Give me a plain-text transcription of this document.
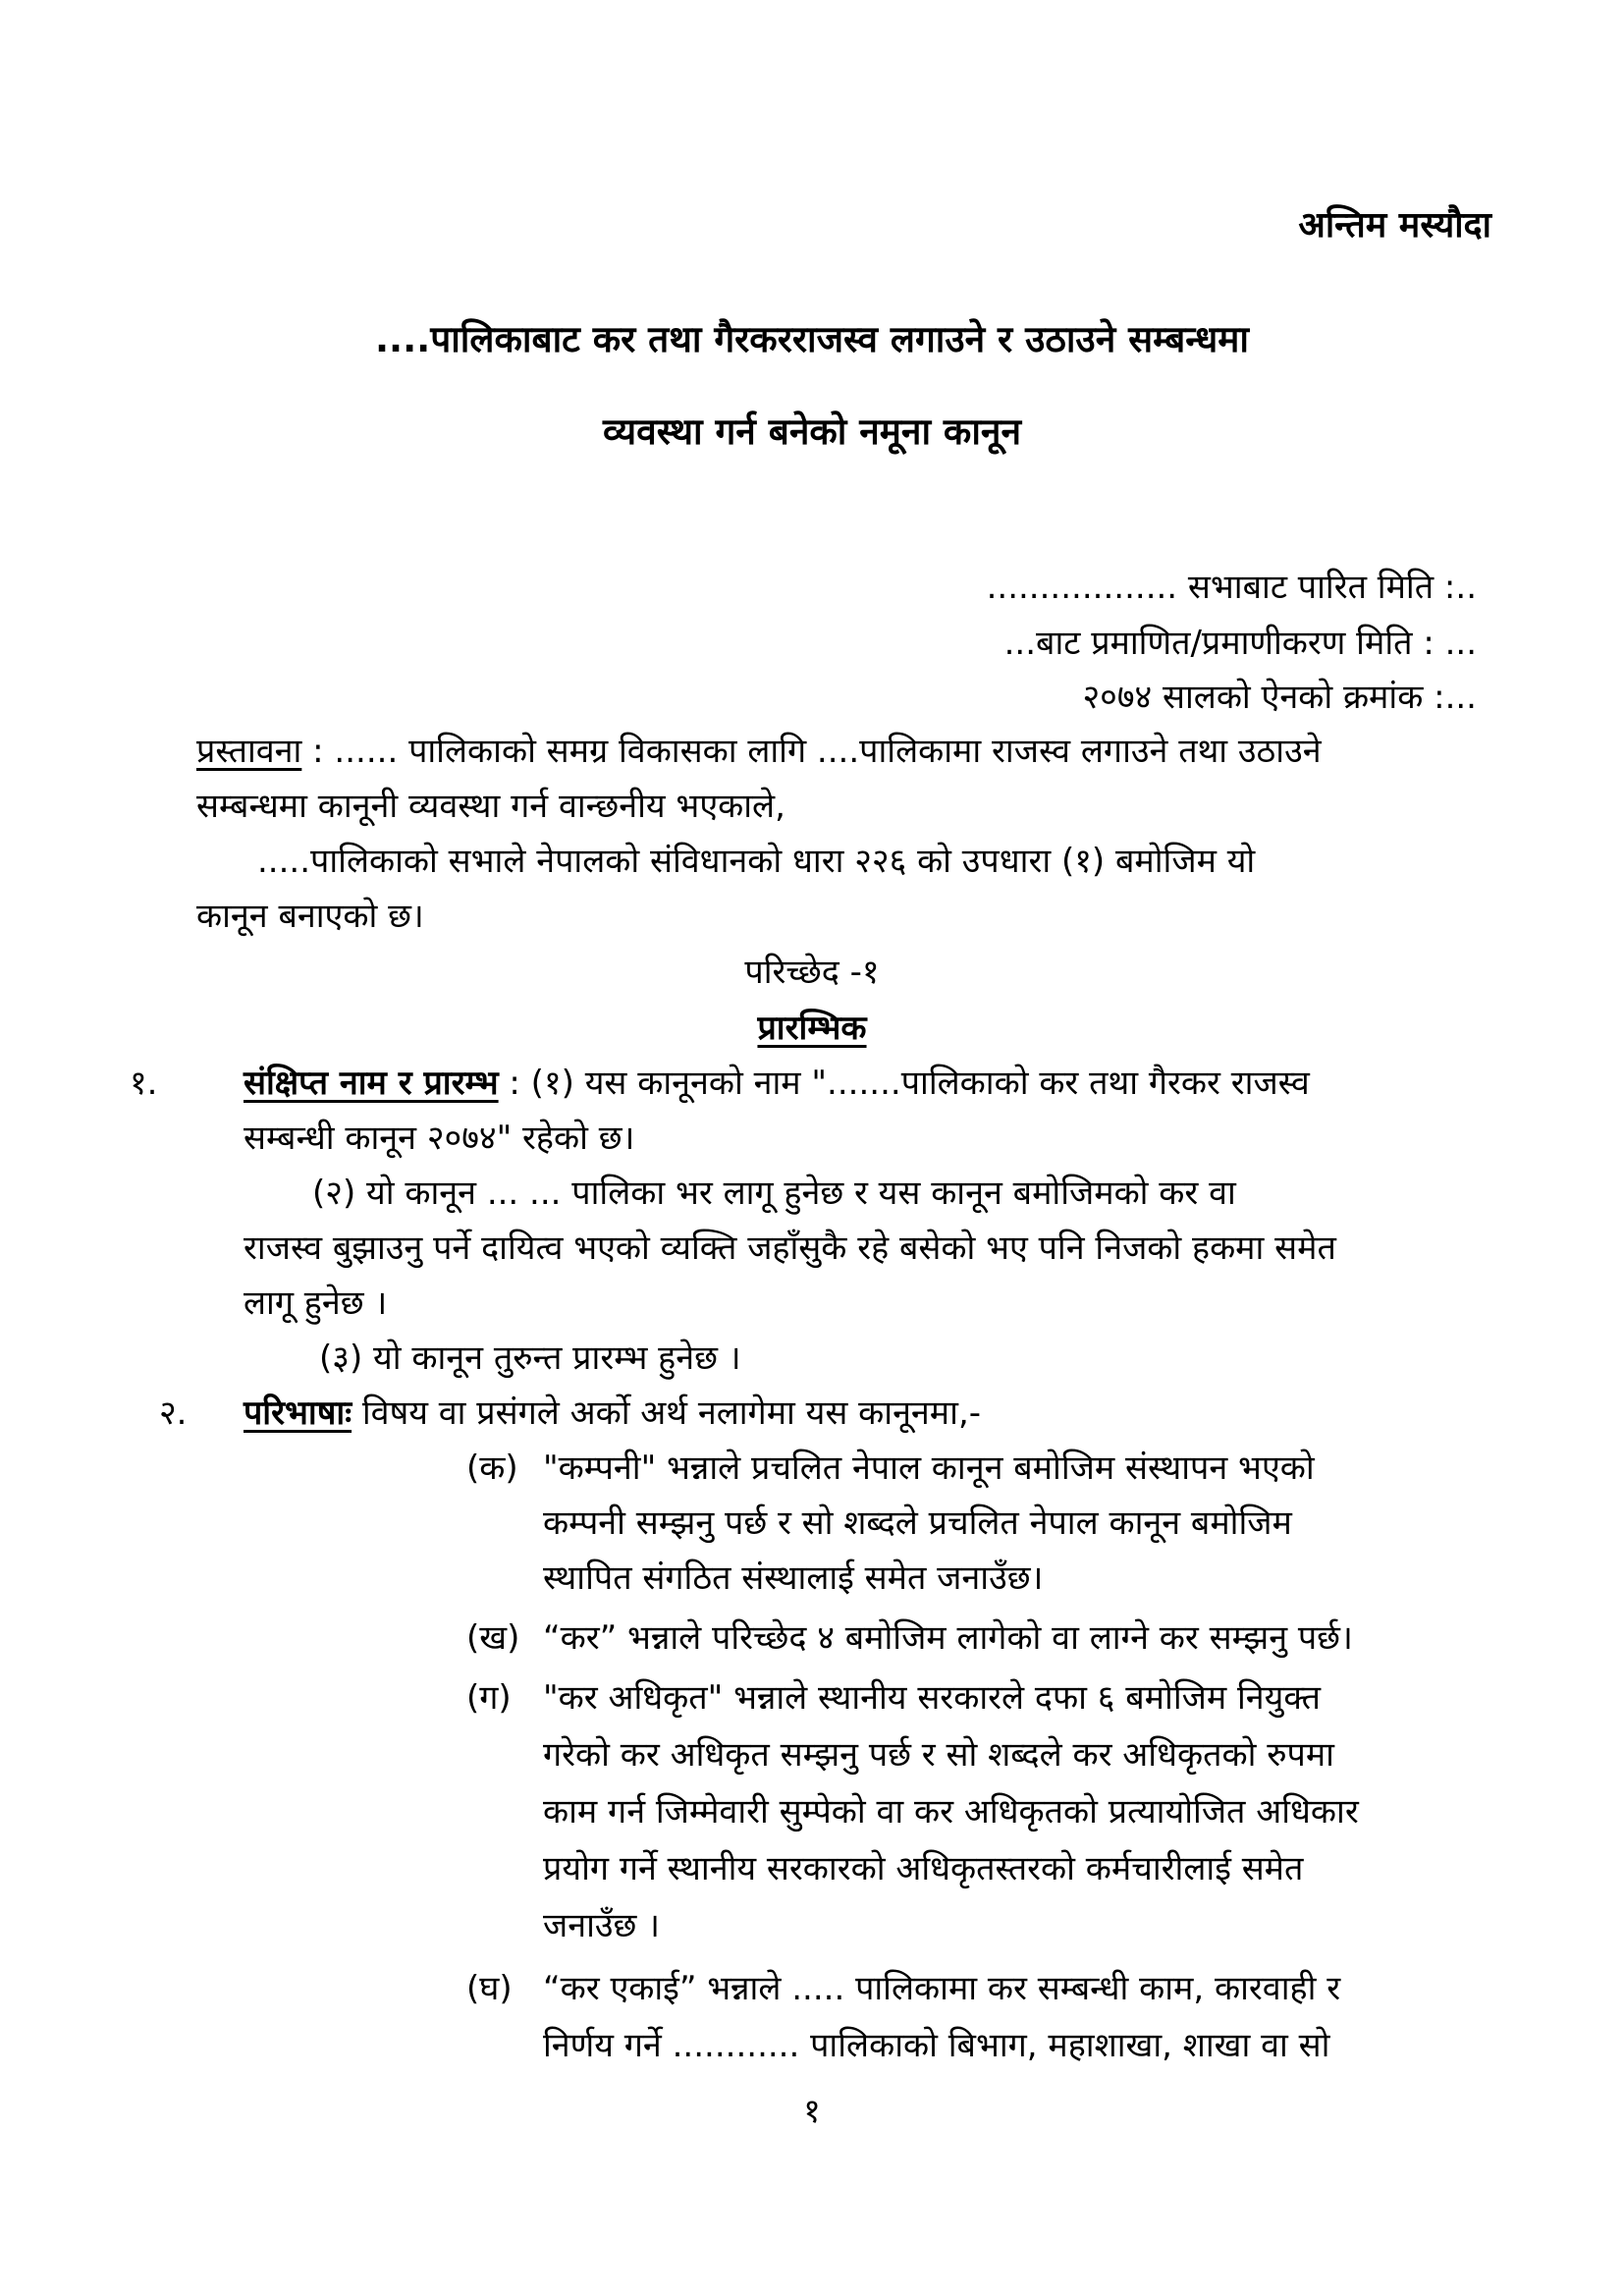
अन्तिम मस्यौदा
....पालिकाबाट कर तथा गैरकरराजस्व लगाउने र उठाउने सम्बन्धमा
व्यवस्था गर्न बनेको नमूना कानून
.................. सभाबाट पारित मिति :..
...बाट प्रमाणित/प्रमाणीकरण मिति : ...
२०७४ सालको ऐनको क्रमांक :...
प्रस्तावना : ...... पालिकाको समग्र विकासका लागि ....पालिकामा राजस्व लगाउने तथा उठाउने
सम्बन्धमा कानूनी व्यवस्था गर्न वान्छनीय भएकाले,
.....पालिकाको सभाले नेपालको संविधानको धारा २२६ को उपधारा (१) बमोजिम यो
कानून बनाएको छ।
परिच्छेद -१
प्रारम्भिक
१.	संक्षिप्त नाम र प्रारम्भ : (१) यस कानूनको नाम ".......पालिकाको कर तथा गैरकर राजस्व
सम्बन्धी कानून २०७४" रहेको छ।
(२) यो कानून ... ... पालिका भर लागू हुनेछ र यस कानून बमोजिमको कर वा
राजस्व बुझाउनु पर्ने दायित्व भएको व्यक्ति जहाँसुकै रहे बसेको भए पनि निजको हकमा समेत
लागू हुनेछ ।
(३) यो कानून तुरुन्त प्रारम्भ हुनेछ ।
२. परिभाषाः विषय वा प्रसंगले अर्को अर्थ नलागेमा यस कानूनमा,-
(क) "कम्पनी" भन्नाले प्रचलित नेपाल कानून बमोजिम संस्थापन भएको
कम्पनी सम्झनु पर्छ र सो शब्दले प्रचलित नेपाल कानून बमोजिम
स्थापित संगठित संस्थालाई समेत जनाउँछ।
(ख) “कर” भन्नाले परिच्छेद ४ बमोजिम लागेको वा लाग्ने कर सम्झनु पर्छ।
(ग) "कर अधिकृत" भन्नाले स्थानीय सरकारले दफा ६ बमोजिम नियुक्त
गरेको कर अधिकृत सम्झनु पर्छ र सो शब्दले कर अधिकृतको रुपमा
काम गर्न जिम्मेवारी सुम्पेको वा कर अधिकृतको प्रत्यायोजित अधिकार
प्रयोग गर्ने स्थानीय सरकारको अधिकृतस्तरको कर्मचारीलाई समेत
जनाउँछ ।
(घ) “कर एकाई” भन्नाले ..... पालिकामा कर सम्बन्धी काम, कारवाही र
निर्णय गर्ने ............ पालिकाको बिभाग, महाशाखा, शाखा वा सो
१
